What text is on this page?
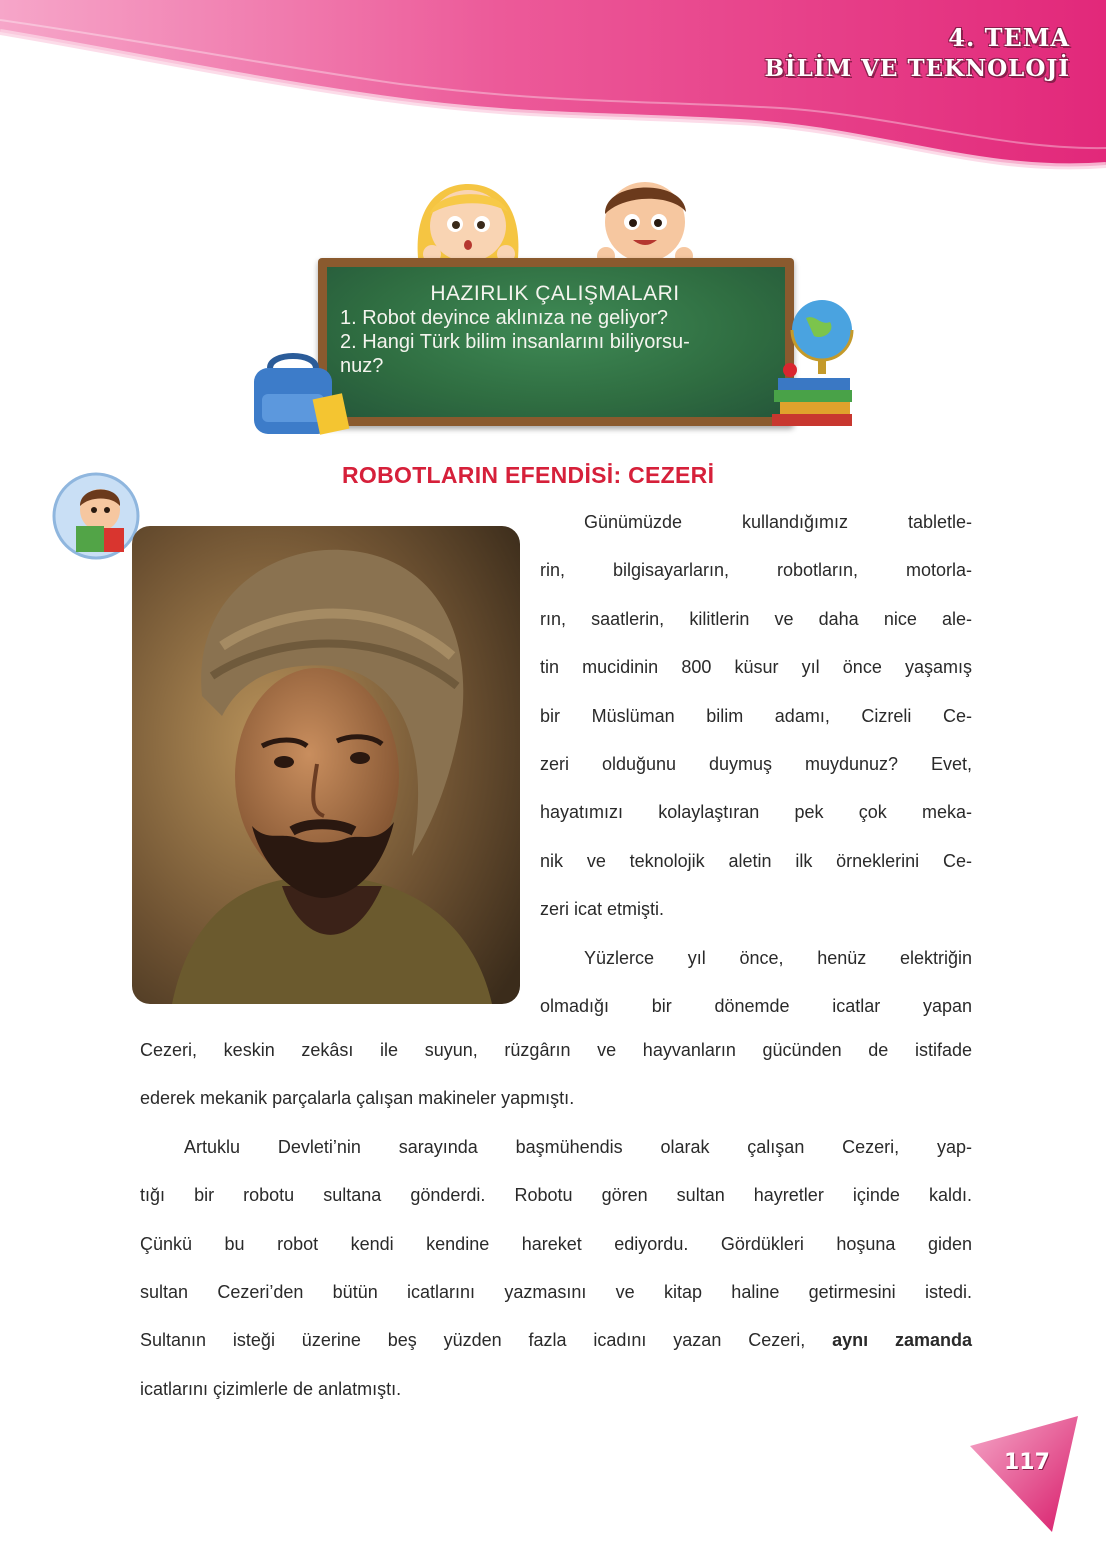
4. TEMA
BİLİM VE TEKNOLOJİ
HAZIRLIK ÇALIŞMALARI
1. Robot deyince aklınıza ne geliyor?
2. Hangi Türk bilim insanlarını biliyorsu-
nuz?
ROBOTLARIN EFENDİSİ: CEZERİ
Günümüzde kullandığımız tabletle-
rin, bilgisayarların, robotların, motorla-
rın, saatlerin, kilitlerin ve daha nice ale-
tin mucidinin 800 küsur yıl önce yaşamış
bir Müslüman bilim adamı, Cizreli Ce-
zeri olduğunu duymuş muydunuz? Evet,
hayatımızı kolaylaştıran pek çok meka-
nik ve teknolojik aletin ilk örneklerini Ce-
zeri icat etmişti.
Yüzlerce yıl önce, henüz elektriğin
olmadığı bir dönemde icatlar yapan
Cezeri, keskin zekâsı ile suyun, rüzgârın ve hayvanların gücünden de istifade
ederek mekanik parçalarla çalışan makineler yapmıştı.
Artuklu Devleti’nin sarayında başmühendis olarak çalışan Cezeri, yap-
tığı bir robotu sultana gönderdi. Robotu gören sultan hayretler içinde kaldı.
Çünkü bu robot kendi kendine hareket ediyordu. Gördükleri hoşuna giden
sultan Cezeri’den bütün icatlarını yazmasını ve kitap haline getirmesini istedi.
Sultanın isteği üzerine beş yüzden fazla icadını yazan Cezeri, aynı zamanda
icatlarını çizimlerle de anlatmıştı.
117
